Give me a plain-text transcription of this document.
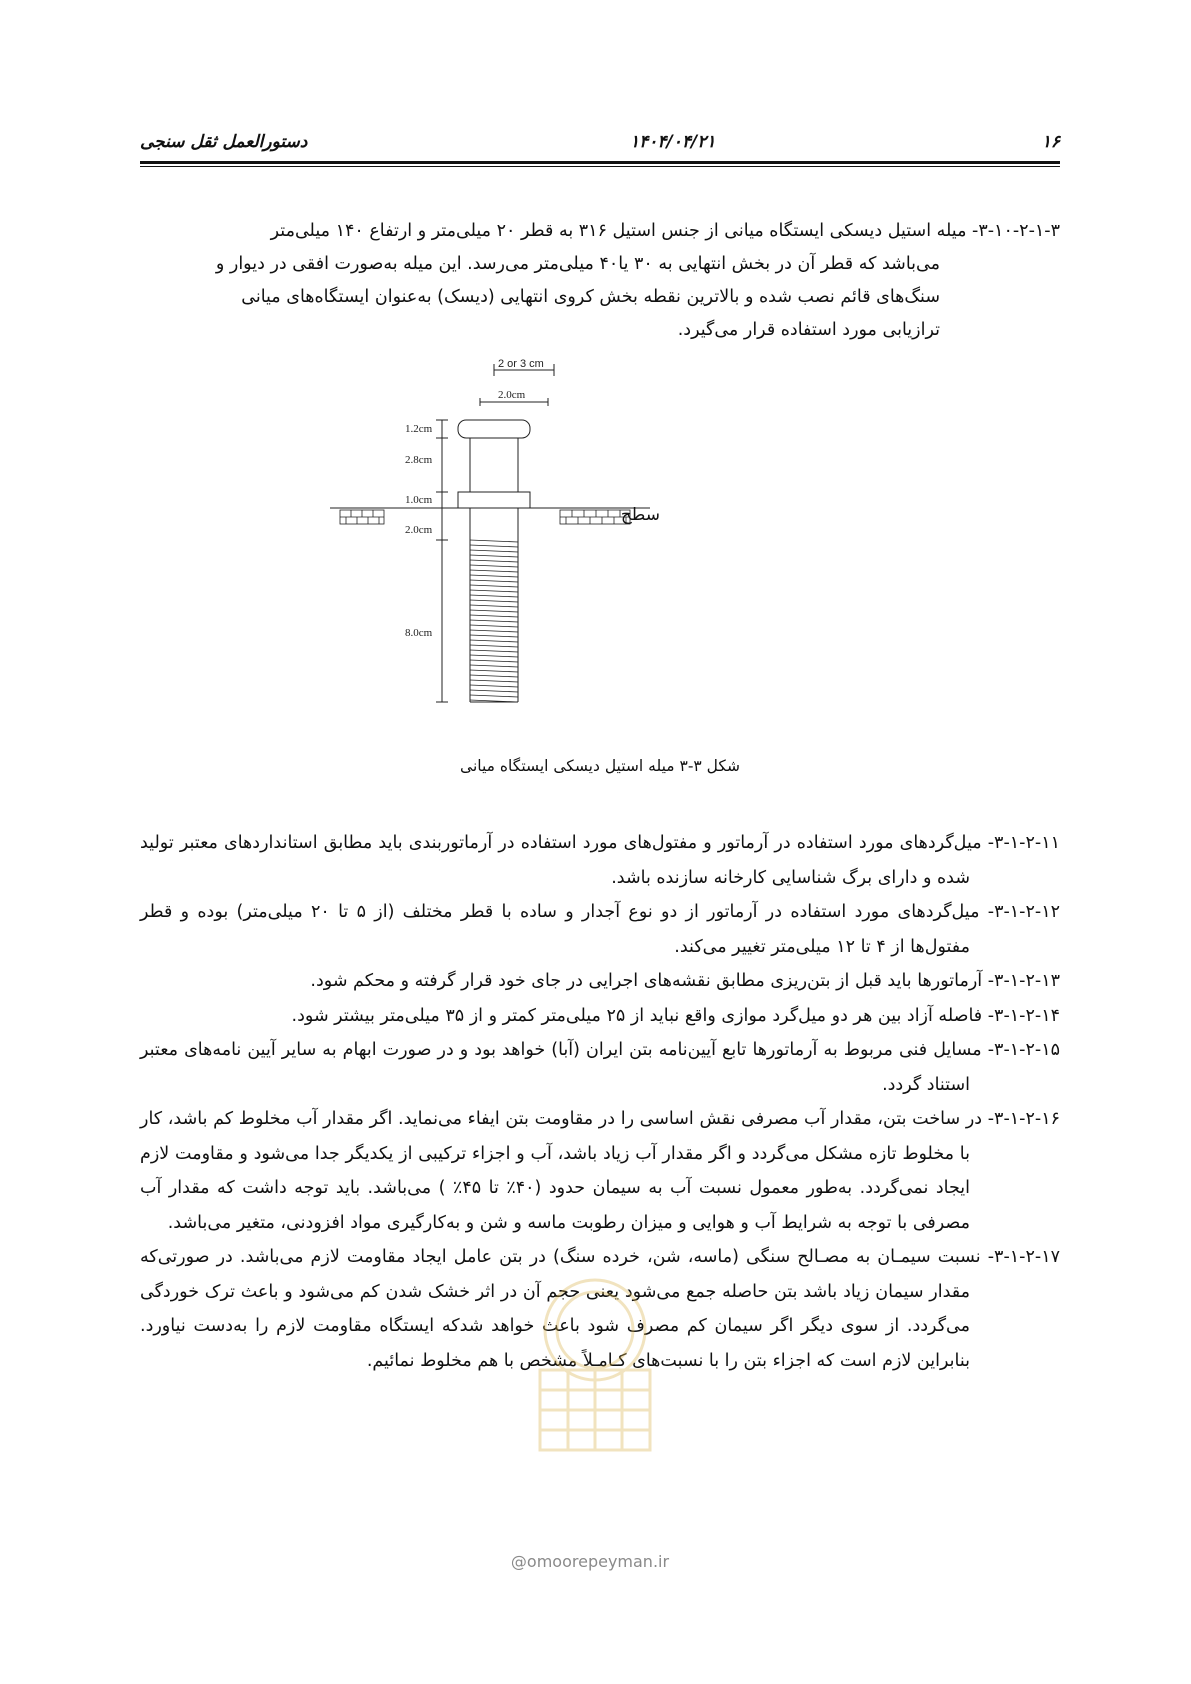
۱۶
۱۴۰۴/۰۴/۲۱
دستورالعمل ثقل سنجی

۳-۱۰-۲-۱-۳- میله استیل دیسکی ایستگاه میانی از جنس استیل ۳۱۶ به قطر ۲۰ میلی‌متر و ارتفاع ۱۴۰ میلی‌متر

می‌باشد که قطر آن در بخش انتهایی به ۳۰ یا۴۰ میلی‌متر می‌رسد. این میله به‌صورت افقی در دیوار و

سنگ‌های قائم نصب شده و بالاترین نقطه بخش کروی انتهایی (دیسک) به‌عنوان ایستگاه‌های میانی

ترازیابی مورد استفاده قرار می‌گیرد.

2 or 3 cm
2.0cm
1.2cm
2.8cm
1.0cm
2.0cm
8.0cm
سطح
شکل ۳-۳ میله استیل دیسکی ایستگاه میانی

۳-۱-۲-۱۱- میل‌گردهای مورد استفاده در آرماتور و مفتول‌های مورد استفاده در آرماتوربندی باید مطابق استانداردهای معتبر تولید شده و دارای برگ شناسایی کارخانه سازنده باشد.

۳-۱-۲-۱۲- میل‌گردهای مورد استفاده در آرماتور از دو نوع آجدار و ساده با قطر مختلف (از ۵ تا ۲۰ میلی‌متر) بوده و قطر مفتول‌ها از ۴ تا ۱۲ میلی‌متر تغییر می‌کند.

۳-۱-۲-۱۳- آرماتورها باید قبل از بتن‌ریزی مطابق نقشه‌های اجرایی در جای خود قرار گرفته و محکم شود.

۳-۱-۲-۱۴- فاصله آزاد بین هر دو میل‌گرد موازی واقع نباید از ۲۵ میلی‌متر کمتر و از ۳۵ میلی‌متر بیشتر شود.

۳-۱-۲-۱۵- مسایل فنی مربوط به آرماتورها تابع آیین‌نامه بتن ایران (آبا) خواهد بود و در صورت ابهام به سایر آیین نامه‌های معتبر استناد گردد.

۳-۱-۲-۱۶- در ساخت بتن، مقدار آب مصرفی نقش اساسی را در مقاومت بتن ایفاء می‌نماید. اگر مقدار آب مخلوط کم باشد، کار با مخلوط تازه مشکل می‌گردد و اگر مقدار آب زیاد باشد، آب و اجزاء ترکیبی از یکدیگر جدا می‌شود و مقاومت لازم ایجاد نمی‌گردد. به‌طور معمول نسبت آب به سیمان حدود (۴۰٪ تا ۴۵٪ ) می‌باشد. باید توجه داشت که مقدار آب مصرفی با توجه به شرایط آب و هوایی و میزان رطوبت ماسه و شن و به‌کارگیری مواد افزودنی، متغیر می‌باشد.

۳-۱-۲-۱۷- نسبت سیمـان به مصـالح سنگی (ماسه، شن، خرده سنگ) در بتن عامل ایجاد مقاومت لازم می‌باشد. در صورتی‌که مقدار سیمان زیاد باشد بتن حاصله جمع می‌شود یعنی حجم آن در اثر خشک شدن کم می‌شود و باعث ترک خوردگی می‌گردد. از سوی دیگر اگر سیمان کم مصرف شود باعث خواهد شدکه ایستگاه مقاومت لازم را به‌دست نیاورد. بنابراین لازم است که اجزاء بتن را با نسبت‌های کـامـلاً مشخص با هم مخلوط نمائیم.

@omoorepeyman.ir
